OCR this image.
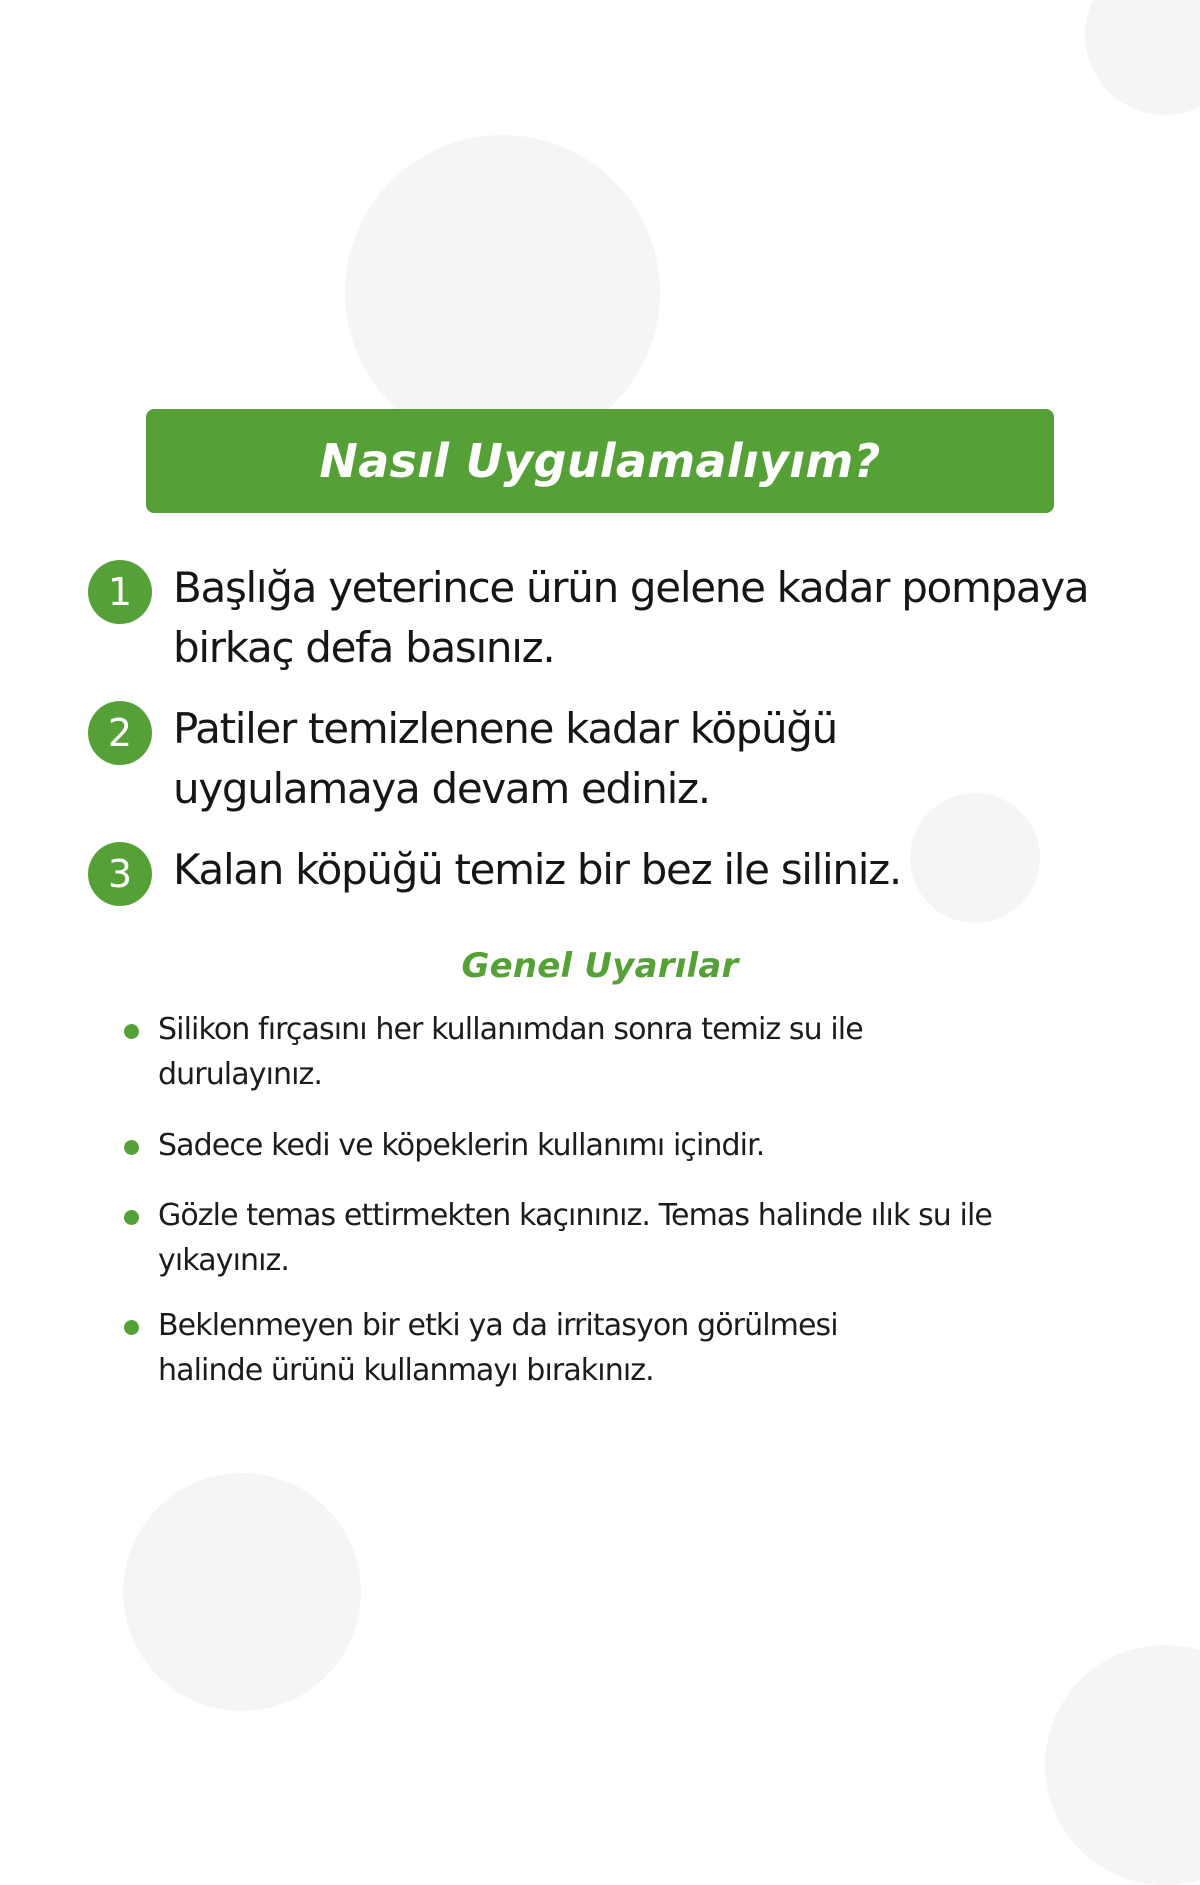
Nasıl Uygulamalıyım?
1 Başlığa yeterince ürün gelene kadar pompaya birkaç defa basınız.
2 Patiler temizlenene kadar köpüğü uygulamaya devam ediniz.
3 Kalan köpüğü temiz bir bez ile siliniz.
Genel Uyarılar
Silikon fırçasını her kullanımdan sonra temiz su ile durulayınız.
Sadece kedi ve köpeklerin kullanımı içindir.
Gözle temas ettirmekten kaçınınız. Temas halinde ılık su ile yıkayınız.
Beklenmeyen bir etki ya da irritasyon görülmesi halinde ürünü kullanmayı bırakınız.
